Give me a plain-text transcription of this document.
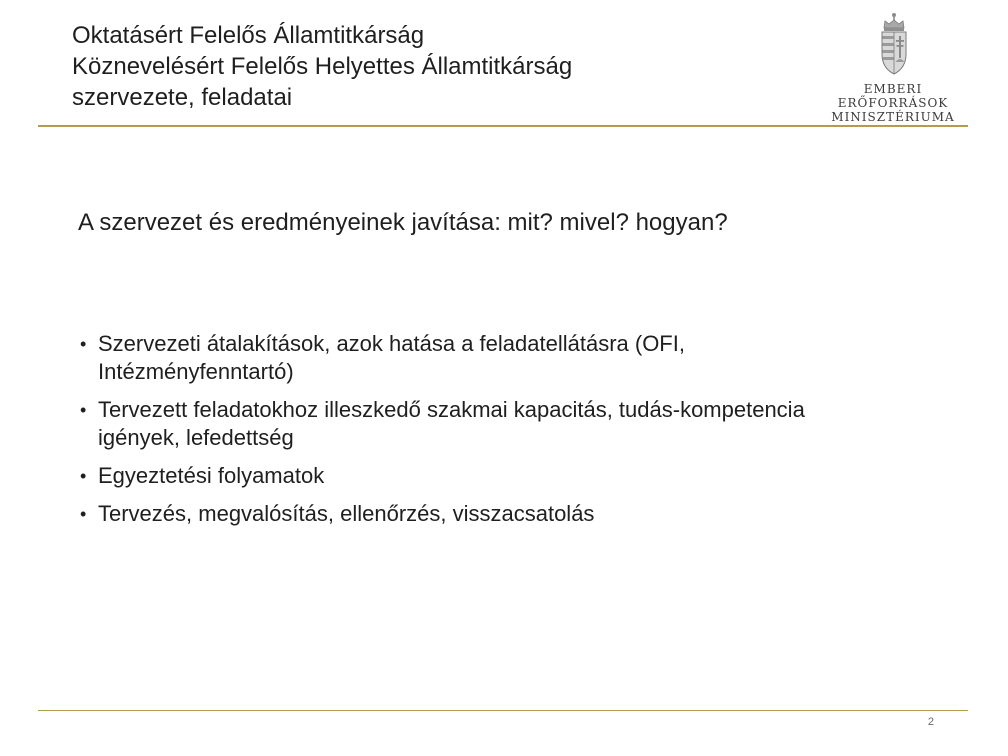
Oktatásért Felelős Államtitkárság
Köznevelésért Felelős Helyettes Államtitkárság
szervezete, feladatai	EMBERI ERŐFORRÁSOK
MINISZTÉRIUMA
A szervezet és eredményeinek javítása: mit? mivel? hogyan?
• Szervezeti átalakítások, azok hatása a feladatellátásra (OFI, Intézményfenntartó)
• Tervezett feladatokhoz illeszkedő szakmai kapacitás, tudás-kompetencia igények, lefedettség
• Egyeztetési folyamatok
• Tervezés, megvalósítás, ellenőrzés, visszacsatolás
2
